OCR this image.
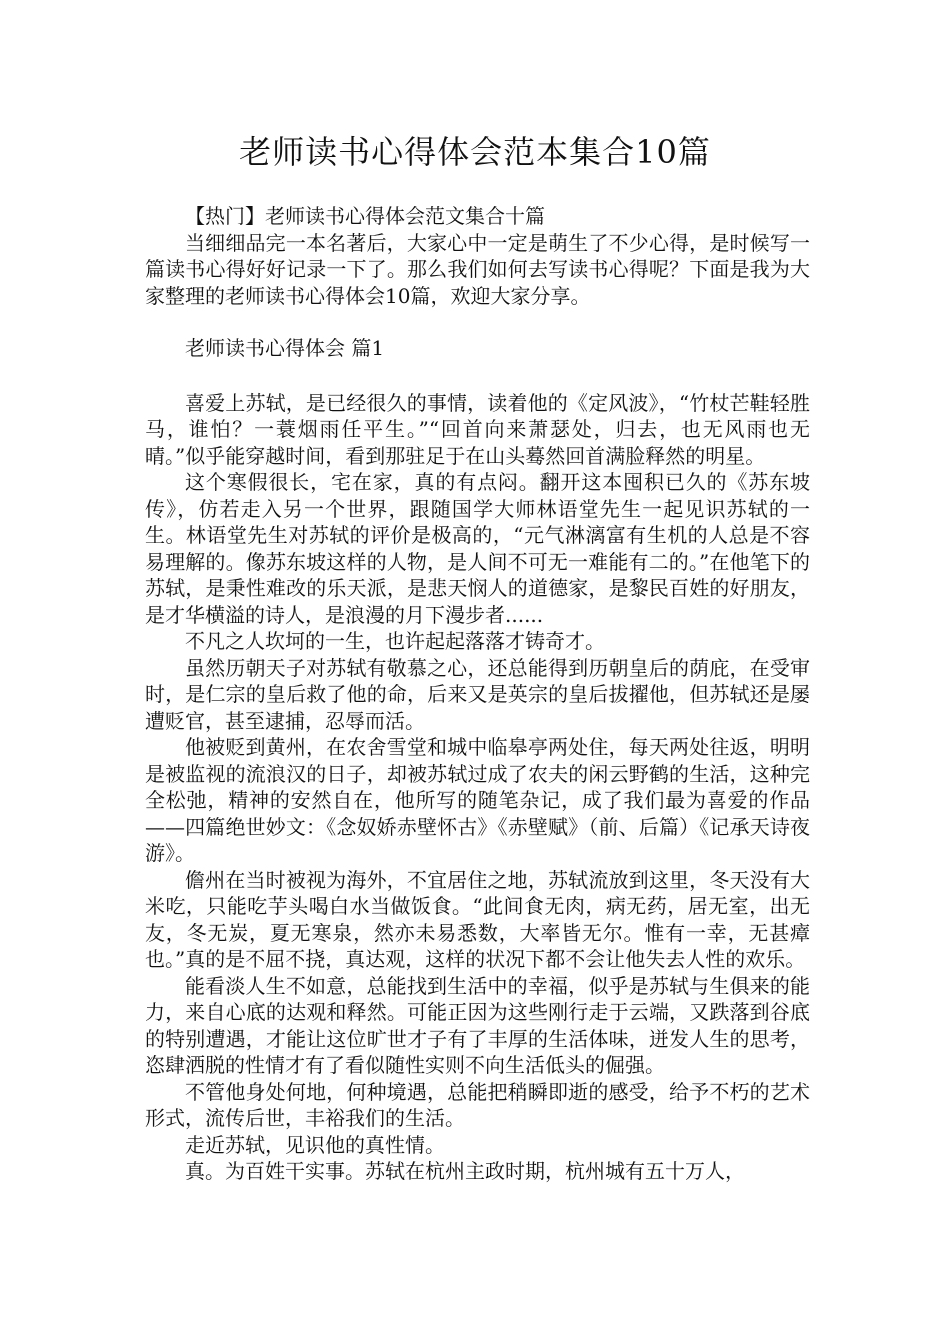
老师读书心得体会范本集合10篇

【热门】老师读书心得体会范文集合十篇

当细细品完一本名著后，大家心中一定是萌生了不少心得，是时候写一篇读书心得好好记录一下了。那么我们如何去写读书心得呢？下面是我为大家整理的老师读书心得体会10篇，欢迎大家分享。

老师读书心得体会 篇1

喜爱上苏轼，是已经很久的事情，读着他的《定风波》，“竹杖芒鞋轻胜马，谁怕？一蓑烟雨任平生。”“回首向来萧瑟处，归去，也无风雨也无晴。”似乎能穿越时间，看到那驻足于在山头蓦然回首满脸释然的明星。

这个寒假很长，宅在家，真的有点闷。翻开这本囤积已久的《苏东坡传》，仿若走入另一个世界，跟随国学大师林语堂先生一起见识苏轼的一生。林语堂先生对苏轼的评价是极高的，“元气淋漓富有生机的人总是不容易理解的。像苏东坡这样的人物，是人间不可无一难能有二的。”在他笔下的苏轼，是秉性难改的乐天派，是悲天悯人的道德家，是黎民百姓的好朋友，是才华横溢的诗人，是浪漫的月下漫步者......

不凡之人坎坷的一生，也许起起落落才铸奇才。

虽然历朝天子对苏轼有敬慕之心，还总能得到历朝皇后的荫庇，在受审时，是仁宗的皇后救了他的命，后来又是英宗的皇后拔擢他，但苏轼还是屡遭贬官，甚至逮捕，忍辱而活。

他被贬到黄州，在农舍雪堂和城中临皋亭两处住，每天两处往返，明明是被监视的流浪汉的日子，却被苏轼过成了农夫的闲云野鹤的生活，这种完全松弛，精神的安然自在，他所写的随笔杂记，成了我们最为喜爱的作品——四篇绝世妙文：《念奴娇赤壁怀古》《赤壁赋》（前、后篇）《记承天诗夜游》。

儋州在当时被视为海外，不宜居住之地，苏轼流放到这里，冬天没有大米吃，只能吃芋头喝白水当做饭食。“此间食无肉，病无药，居无室，出无友，冬无炭，夏无寒泉，然亦未易悉数，大率皆无尔。惟有一幸，无甚瘴也。”真的是不屈不挠，真达观，这样的状况下都不会让他失去人性的欢乐。

能看淡人生不如意，总能找到生活中的幸福，似乎是苏轼与生俱来的能力，来自心底的达观和释然。可能正因为这些刚行走于云端，又跌落到谷底的特别遭遇，才能让这位旷世才子有了丰厚的生活体味，迸发人生的思考，恣肆洒脱的性情才有了看似随性实则不向生活低头的倔强。

不管他身处何地，何种境遇，总能把稍瞬即逝的感受，给予不朽的艺术形式，流传后世，丰裕我们的生活。

走近苏轼，见识他的真性情。

真。为百姓干实事。苏轼在杭州主政时期，杭州城有五十万人，
